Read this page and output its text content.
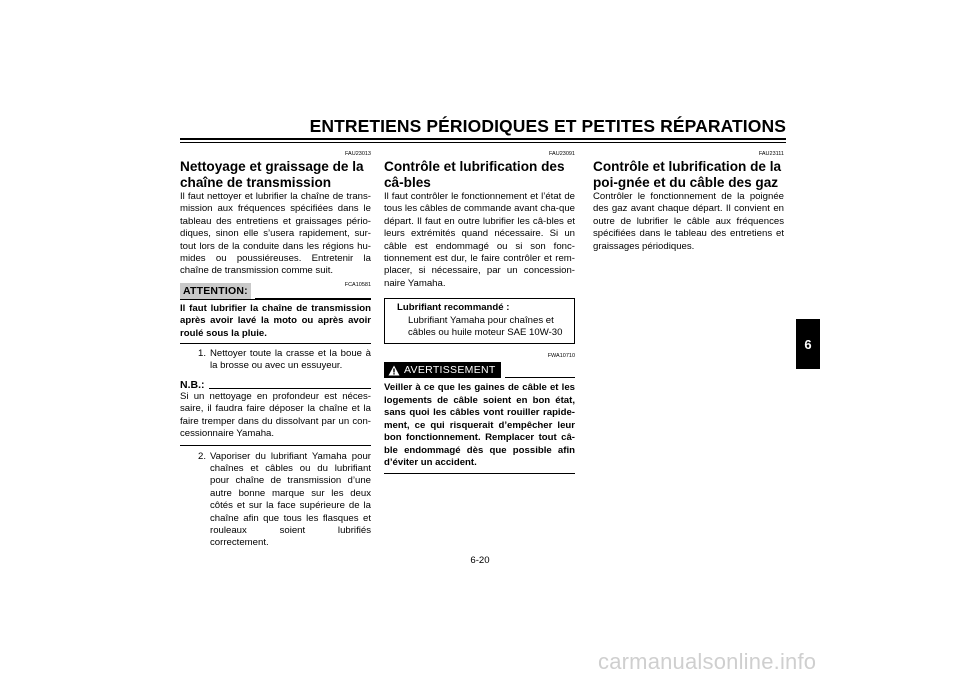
ENTRETIENS PÉRIODIQUES ET PETITES RÉPARATIONS
6
FAU23013
Nettoyage et graissage de la chaîne de transmission

Il faut nettoyer et lubrifier la chaîne de trans-mission aux fréquences spécifiées dans le tableau des entretiens et graissages pério-diques, sinon elle s’usera rapidement, sur-tout lors de la conduite dans les régions hu-mides ou poussiéreuses. Entretenir la chaîne de transmission comme suit.

ATTENTION:	FCA10581

Il faut lubrifier la chaîne de transmission après avoir lavé la moto ou après avoir roulé sous la pluie.

1. Nettoyer toute la crasse et la boue à la brosse ou avec un essuyeur.
N.B.:

Si un nettoyage en profondeur est néces-saire, il faudra faire déposer la chaîne et la faire tremper dans du dissolvant par un con-cessionnaire Yamaha.

2. Vaporiser du lubrifiant Yamaha pour chaînes et câbles ou du lubrifiant pour chaîne de transmission d’une autre bonne marque sur les deux côtés et sur la face supérieure de la chaîne afin que tous les flasques et rouleaux soient lubrifiés correctement.
FAU23091
Contrôle et lubrification des câ-bles

Il faut contrôler le fonctionnement et l’état de tous les câbles de commande avant cha-que départ. Il faut en outre lubrifier les câ-bles et leurs extrémités quand nécessaire. Si un câble est endommagé ou si son fonc-tionnement est dur, le faire contrôler et rem-placer, si nécessaire, par un concession-naire Yamaha.

Lubrifiant recommandé :
Lubrifiant Yamaha pour chaînes et câbles ou huile moteur SAE 10W-30
FWA10710
AVERTISSEMENT

Veiller à ce que les gaines de câble et les logements de câble soient en bon état, sans quoi les câbles vont rouiller rapide-ment, ce qui risquerait d’empêcher leur bon fonctionnement. Remplacer tout câ-ble endommagé dès que possible afin d’éviter un accident.

FAU23111
Contrôle et lubrification de la poi-gnée et du câble des gaz

Contrôler le fonctionnement de la poignée des gaz avant chaque départ. Il convient en outre de lubrifier le câble aux fréquences spécifiées dans le tableau des entretiens et graissages périodiques.

6-20
carmanualsonline.info
